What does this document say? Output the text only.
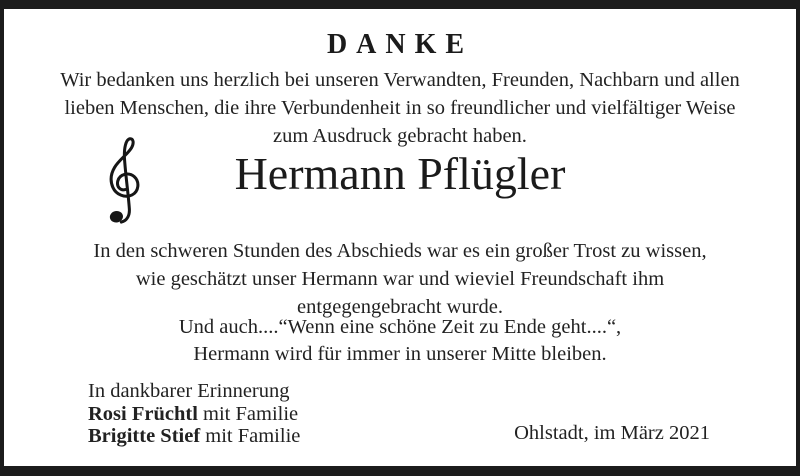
DANKE
Wir bedanken uns herzlich bei unseren Verwandten, Freunden, Nachbarn und allen
lieben Menschen, die ihre Verbundenheit in so freundlicher und vielfältiger Weise
zum Ausdruck gebracht haben.
Hermann Pflügler
In den schweren Stunden des Abschieds war es ein großer Trost zu wissen,
wie geschätzt unser Hermann war und wieviel Freundschaft ihm
entgegengebracht wurde.
Und auch....“Wenn eine schöne Zeit zu Ende geht....“,
Hermann wird für immer in unserer Mitte bleiben.
In dankbarer Erinnerung
Rosi Früchtl mit Familie
Brigitte Stief mit Familie	Ohlstadt, im März 2021
